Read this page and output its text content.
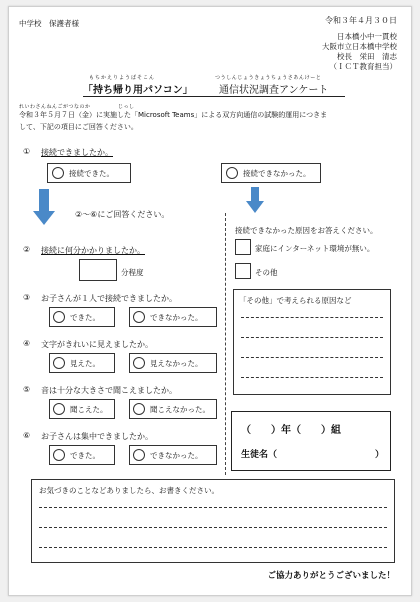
中学校　保護者様	令和３年４月３０日
日本橋小中一貫校
大阪市立日本橋中学校
校長　栄田　清志
（ＩＣＴ教育担当）
もちかえりようぱそこん	つうしんじょうきょうちょうさあんけーと
「持ち帰り用パソコン」	通信状況調査アンケート
れいわさんねんごがつなのか　　　　　じっし
令和３年５月７日（金）に実施した「Microsoft Teams」による双方向通信の試験的運用につきま
して、下記の項目にご回答ください。
① 接続できましたか。
接続できた。	接続できなかった。
②～⑥にご回答ください。
接続できなかった原因をお答えください。
家庭にインターネット環境が無い。
その他
「その他」で考えられる原因など
② 接続に何分かかりましたか。
分程度
③ お子さんが１人で接続できましたか。
できた。	できなかった。
④ 文字がきれいに見えましたか。
見えた。	見えなかった。
⑤ 音は十分な大きさで聞こえましたか。
聞こえた。	聞こえなかった。
⑥ お子さんは集中できましたか。
できた。	できなかった。
（　　）年（　　）組
生徒名（	）
お気づきのことなどありましたら、お書きください。
ご協力ありがとうございました！
